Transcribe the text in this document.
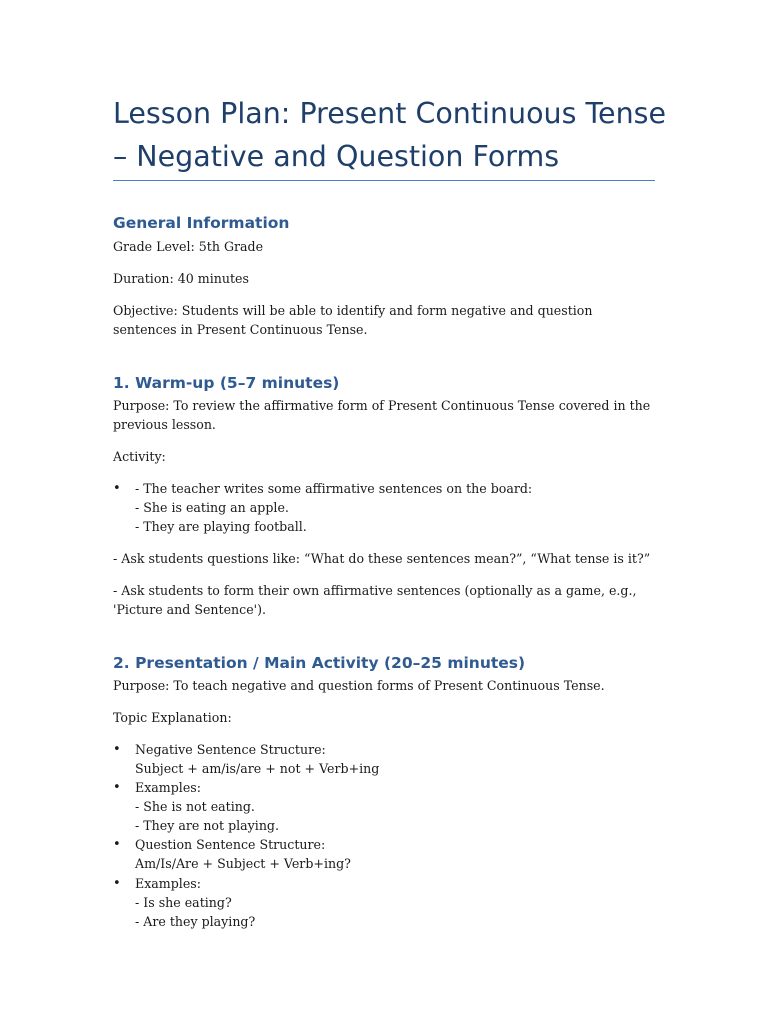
Lesson Plan: Present Continuous Tense – Negative and Question Forms
General Information

Grade Level: 5th Grade

Duration: 40 minutes

Objective: Students will be able to identify and form negative and question sentences in Present Continuous Tense.

1. Warm-up (5–7 minutes)

Purpose: To review the affirmative form of Present Continuous Tense covered in the previous lesson.

Activity:

•	- The teacher writes some affirmative sentences on the board:
- She is eating an apple.
- They are playing football.

- Ask students questions like: “What do these sentences mean?”, “What tense is it?”

- Ask students to form their own affirmative sentences (optionally as a game, e.g., 'Picture and Sentence').

2. Presentation / Main Activity (20–25 minutes)

Purpose: To teach negative and question forms of Present Continuous Tense.

Topic Explanation:

•	Negative Sentence Structure:
Subject + am/is/are + not + Verb+ing
•	Examples:
- She is not eating.
- They are not playing.
•	Question Sentence Structure:
Am/Is/Are + Subject + Verb+ing?
•	Examples:
- Is she eating?
- Are they playing?
